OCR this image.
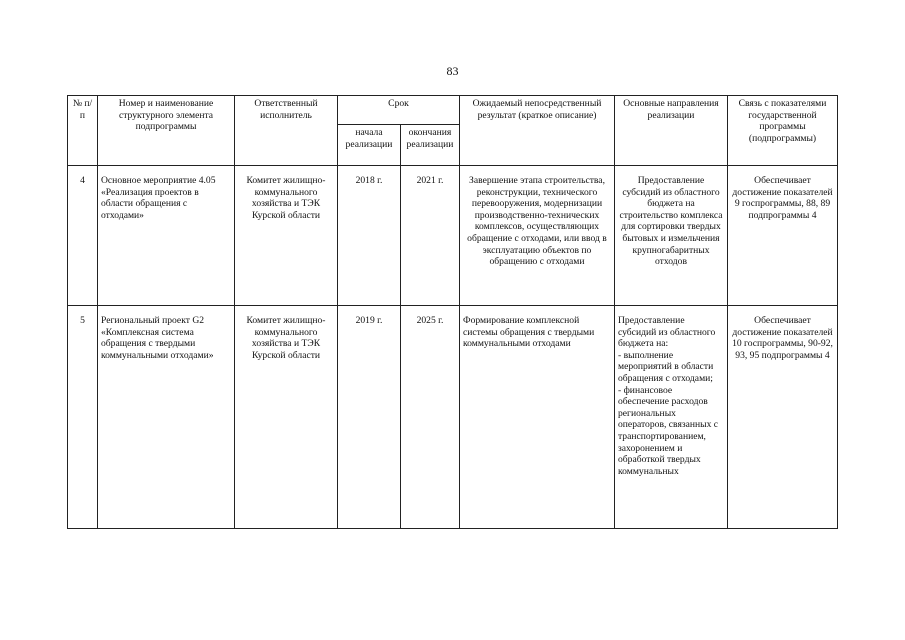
83
№ п/п	Номер и наименование структурного элемента подпрограммы	Ответственный исполнитель	Срок		Ожидаемый непосредственный результат (краткое описание)	Основные направления реализации	Связь с показателями государственной программы (подпрограммы)
			начала реализации	окончания реализации			
4	Основное мероприятие 4.05 «Реализация проектов в области обращения с отходами»	Комитет жилищно-коммунального хозяйства и ТЭК Курской области	2018 г.	2021 г.	Завершение этапа строительства, реконструкции, технического перевооружения, модернизации производственно-технических комплексов, осуществляющих обращение с отходами, или ввод в эксплуатацию объектов по обращению с отходами	Предоставление субсидий из областного бюджета на строительство комплекса для сортировки твердых бытовых и измельчения крупногабаритных отходов	Обеспечивает достижение показателей 9 госпрограммы, 88, 89 подпрограммы 4
5	Региональный проект G2 «Комплексная система обращения с твердыми коммунальными отходами»	Комитет жилищно-коммунального хозяйства и ТЭК Курской области	2019 г.	2025 г.	Формирование комплексной системы обращения с твердыми коммунальными отходами	Предоставление субсидий из областного бюджета на:
- выполнение мероприятий в области обращения с отходами;
- финансовое обеспечение расходов региональных операторов, связанных с транспортированием, захоронением и обработкой твердых коммунальных	Обеспечивает достижение показателей 10 госпрограммы, 90-92, 93, 95 подпрограммы 4
